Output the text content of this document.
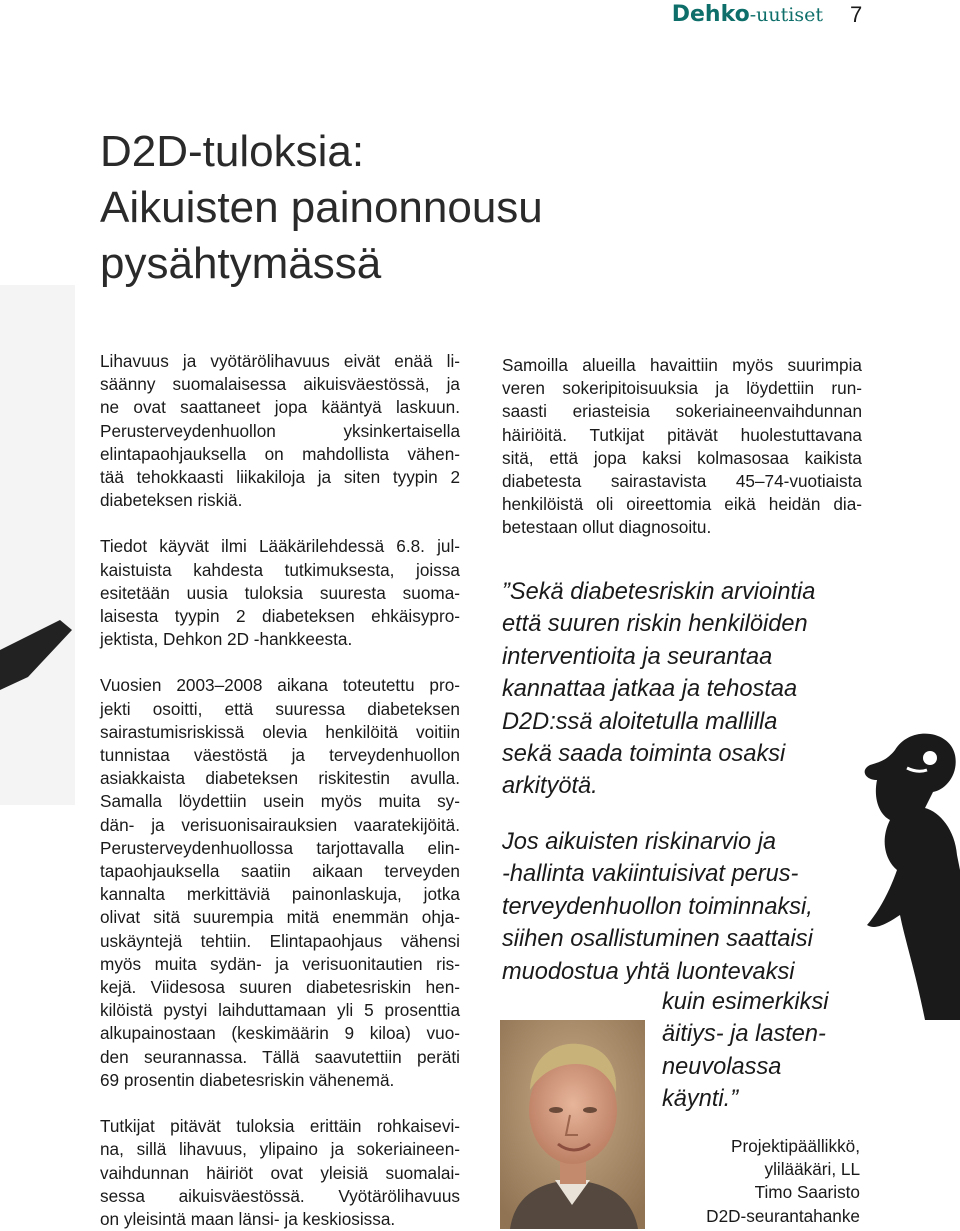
Dehko-uutiset 7
D2D-tuloksia:
Aikuisten painonnousu
pysähtymässä

Lihavuus ja vyötärölihavuus eivät enää li-
säänny suomalaisessa aikuisväestössä, ja
ne ovat saattaneet jopa kääntyä laskuun.
Perusterveydenhuollon yksinkertaisella
elintapaohjauksella on mahdollista vähen-
tää tehokkaasti liikakiloja ja siten tyypin 2
diabeteksen riskiä.

Tiedot käyvät ilmi Lääkärilehdessä 6.8. jul-
kaistuista kahdesta tutkimuksesta, joissa
esitetään uusia tuloksia suuresta suoma-
laisesta tyypin 2 diabeteksen ehkäisypro-
jektista, Dehkon 2D -hankkeesta.

Vuosien 2003–2008 aikana toteutettu pro-
jekti osoitti, että suuressa diabeteksen
sairastumisriskissä olevia henkilöitä voitiin
tunnistaa väestöstä ja terveydenhuollon
asiakkaista diabeteksen riskitestin avulla.
Samalla löydettiin usein myös muita sy-
dän- ja verisuonisairauksien vaaratekijöitä.
Perusterveydenhuollossa tarjottavalla elin-
tapaohjauksella saatiin aikaan terveyden
kannalta merkittäviä painonlaskuja, jotka
olivat sitä suurempia mitä enemmän ohja-
uskäyntejä tehtiin. Elintapaohjaus vähensi
myös muita sydän- ja verisuonitautien ris-
kejä. Viidesosa suuren diabetesriskin hen-
kilöistä pystyi laihduttamaan yli 5 prosenttia
alkupainostaan (keskimäärin 9 kiloa) vuo-
den seurannassa. Tällä saavutettiin peräti
69 prosentin diabetesriskin vähenemä.

Tutkijat pitävät tuloksia erittäin rohkaisevi-
na, sillä lihavuus, ylipaino ja sokeriaineen-
vaihdunnan häiriöt ovat yleisiä suomalai-
sessa aikuisväestössä. Vyötärölihavuus
on yleisintä maan länsi- ja keskiosissa.

Samoilla alueilla havaittiin myös suurimpia
veren sokeripitoisuuksia ja löydettiin run-
saasti eriasteisia sokeriaineenvaihdunnan
häiriöitä. Tutkijat pitävät huolestuttavana
sitä, että jopa kaksi kolmasosaa kaikista
diabetesta sairastavista 45–74-vuotiaista
henkilöistä oli oireettomia eikä heidän dia-
betestaan ollut diagnosoitu.

”Sekä diabetesriskin arviointia
että suuren riskin henkilöiden
interventioita ja seurantaa
kannattaa jatkaa ja tehostaa
D2D:ssä aloitetulla mallilla
sekä saada toiminta osaksi
arkityötä.
Jos aikuisten riskinarvio ja
-hallinta vakiintuisivat perus-
terveydenhuollon toiminnaksi,
siihen osallistuminen saattaisi
muodostua yhtä luontevaksi
kuin esimerkiksi
äitiys- ja lasten-
neuvolassa
käynti.”
Projektipäällikkö,
ylilääkäri, LL
Timo Saaristo
D2D-seurantahanke
